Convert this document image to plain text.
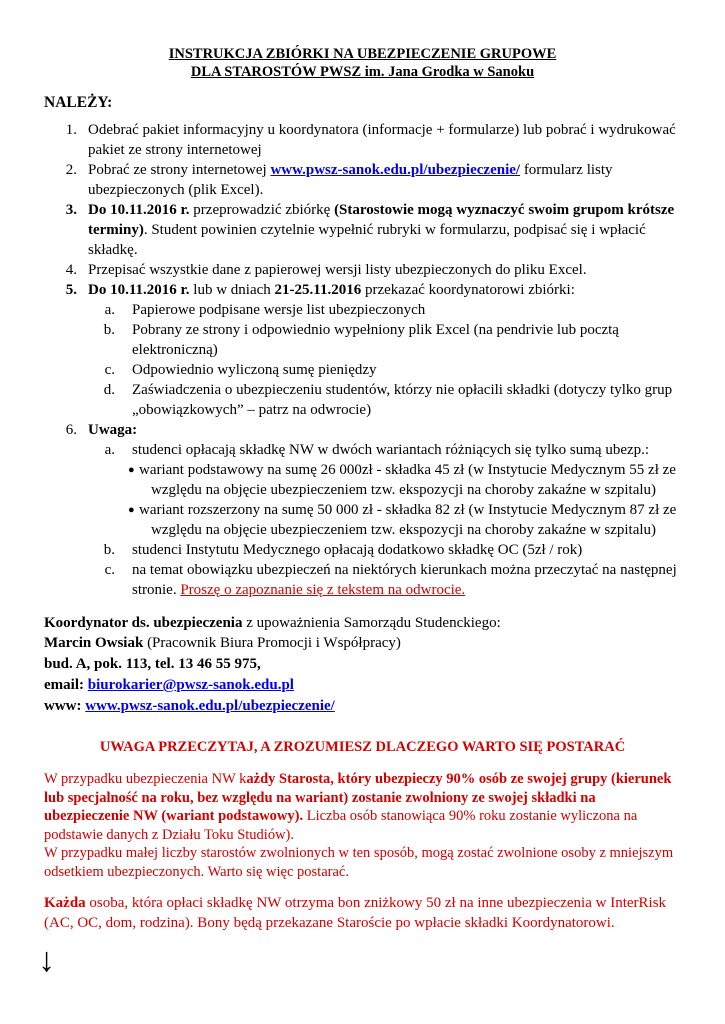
INSTRUKCJA ZBIÓRKI NA UBEZPIECZENIE GRUPOWE
DLA STAROSTÓW PWSZ im. Jana Grodka w Sanoku
NALEŻY:
1. Odebrać pakiet informacyjny u koordynatora (informacje + formularze) lub pobrać i wydrukować
pakiet ze strony internetowej
2. Pobrać ze strony internetowej www.pwsz-sanok.edu.pl/ubezpieczenie/ formularz listy
ubezpieczonych (plik Excel).
3. Do 10.11.2016 r. przeprowadzić zbiórkę (Starostowie mogą wyznaczyć swoim grupom krótsze
terminy). Student powinien czytelnie wypełnić rubryki w formularzu, podpisać się i wpłacić
składkę.
4. Przepisać wszystkie dane z papierowej wersji listy ubezpieczonych do pliku Excel.
5. Do 10.11.2016 r. lub w dniach 21-25.11.2016 przekazać koordynatorowi zbiórki:
a. Papierowe podpisane wersje list ubezpieczonych
b. Pobrany ze strony i odpowiednio wypełniony plik Excel (na pendrivie lub pocztą
elektroniczną)
c. Odpowiednio wyliczoną sumę pieniędzy
d. Zaświadczenia o ubezpieczeniu studentów, którzy nie opłacili składki (dotyczy tylko grup
„obowiązkowych” – patrz na odwrocie)
6. Uwaga:
a. studenci opłacają składkę NW w dwóch wariantach różniących się tylko sumą ubezp.:
● wariant podstawowy na sumę 26 000zł - składka 45 zł (w Instytucie Medycznym 55 zł ze
względu na objęcie ubezpieczeniem tzw. ekspozycji na choroby zakaźne w szpitalu)
● wariant rozszerzony na sumę 50 000 zł - składka 82 zł (w Instytucie Medycznym 87 zł ze
względu na objęcie ubezpieczeniem tzw. ekspozycji na choroby zakaźne w szpitalu)
b. studenci Instytutu Medycznego opłacają dodatkowo składkę OC (5zł / rok)
c. na temat obowiązku ubezpieczeń na niektórych kierunkach można przeczytać na następnej
stronie. Proszę o zapoznanie się z tekstem na odwrocie.
Koordynator ds. ubezpieczenia z upoważnienia Samorządu Studenckiego:
Marcin Owsiak (Pracownik Biura Promocji i Współpracy)
bud. A, pok. 113, tel. 13 46 55 975,
email: biurokarier@pwsz-sanok.edu.pl
www: www.pwsz-sanok.edu.pl/ubezpieczenie/
UWAGA PRZECZYTAJ, A ZROZUMIESZ DLACZEGO WARTO SIĘ POSTARAĆ
W przypadku ubezpieczenia NW każdy Starosta, który ubezpieczy 90% osób ze swojej grupy (kierunek
lub specjalność na roku, bez względu na wariant) zostanie zwolniony ze swojej składki na
ubezpieczenie NW (wariant podstawowy). Liczba osób stanowiąca 90% roku zostanie wyliczona na
podstawie danych z Działu Toku Studiów).
W przypadku małej liczby starostów zwolnionych w ten sposób, mogą zostać zwolnione osoby z mniejszym
odsetkiem ubezpieczonych. Warto się więc postarać.
Każda osoba, która opłaci składkę NW otrzyma bon zniżkowy 50 zł na inne ubezpieczenia w InterRisk
(AC, OC, dom, rodzina). Bony będą przekazane Staroście po wpłacie składki Koordynatorowi.
↓
